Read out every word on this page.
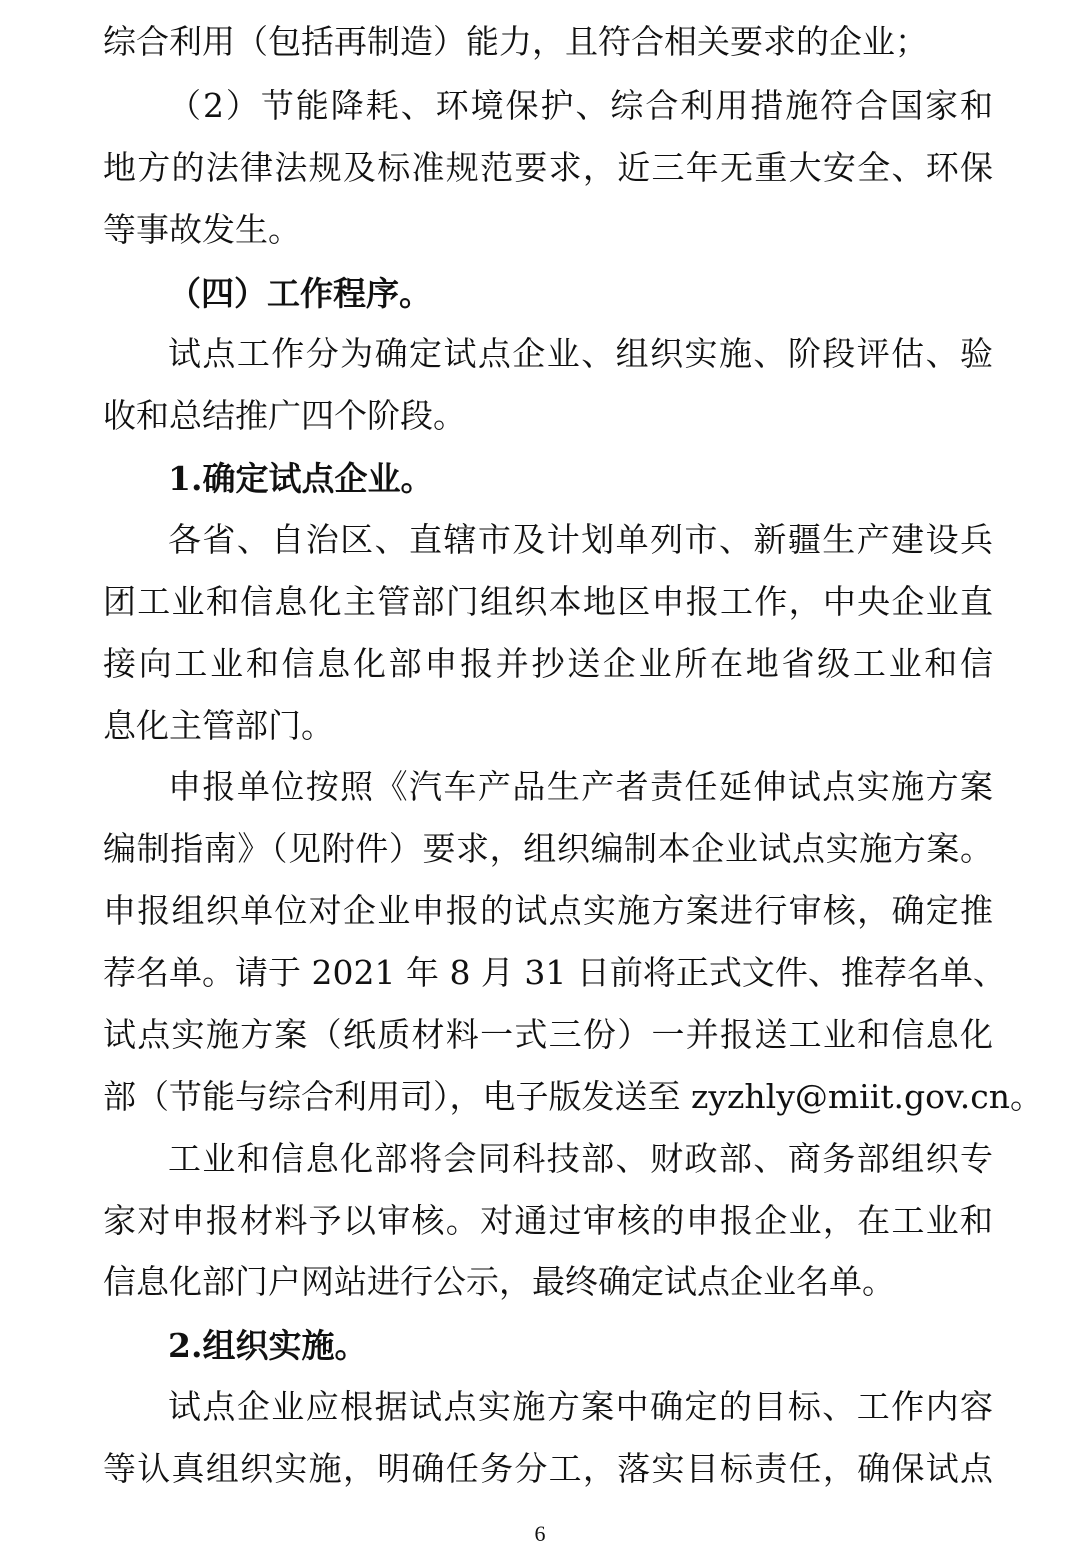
综合利用（包括再制造）能力，且符合相关要求的企业；
（2）节能降耗、环境保护、综合利用措施符合国家和
地方的法律法规及标准规范要求，近三年无重大安全、环保
等事故发生。
（四）工作程序。
试点工作分为确定试点企业、组织实施、阶段评估、验
收和总结推广四个阶段。
1.确定试点企业。
各省、自治区、直辖市及计划单列市、新疆生产建设兵
团工业和信息化主管部门组织本地区申报工作，中央企业直
接向工业和信息化部申报并抄送企业所在地省级工业和信
息化主管部门。
申报单位按照《汽车产品生产者责任延伸试点实施方案
编制指南》（见附件）要求，组织编制本企业试点实施方案。
申报组织单位对企业申报的试点实施方案进行审核，确定推
荐名单。请于 2021 年 8 月 31 日前将正式文件、推荐名单、
试点实施方案（纸质材料一式三份）一并报送工业和信息化
部（节能与综合利用司），电子版发送至 zyzhly@miit.gov.cn。
工业和信息化部将会同科技部、财政部、商务部组织专
家对申报材料予以审核。对通过审核的申报企业，在工业和
信息化部门户网站进行公示，最终确定试点企业名单。
2.组织实施。
试点企业应根据试点实施方案中确定的目标、工作内容
等认真组织实施，明确任务分工，落实目标责任，确保试点
6
